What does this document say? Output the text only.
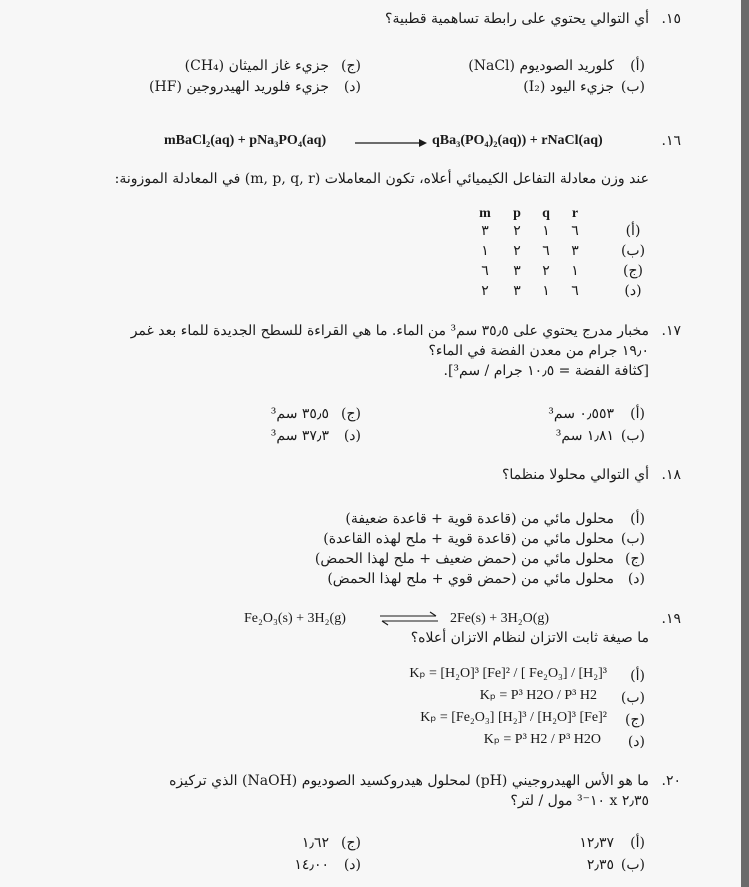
.١٥
أي التوالي يحتوي على رابطة تساهمية قطبية؟
(أ)
كلوريد الصوديوم (NaCl)
(ب)
جزيء اليود (I₂)
(ج)
جزيء غاز الميثان (CH₄)
(د)
جزيء فلوريد الهيدروجين (HF)
.١٦
mBaCl₂(aq) + pNa₃PO₄(aq)	qBa₃(PO₄)₂(aq)) + rNaCl(aq)
عند وزن معادلة التفاعل الكيميائي أعلاه، تكون المعاملات (m, p, q, r) في المعادلة الموزونة:
m	p	q	r
٣	٢	١	٦	(أ)
١	٢	٦	٣	(ب)
٦	٣	٢	١	(ج)
٢	٣	١	٦	(د)
.١٧
مخبار مدرج يحتوي على ٣٥٫٥ سم³ من الماء. ما هي القراءة للسطح الجديدة للماء بعد غمر
١٩٫٠ جرام من معدن الفضة في الماء؟
[كثافة الفضة = ١٠٫٥ جرام / سم³].
(أ)
٠٫٥٥٣ سم³
(ب)
١٫٨١ سم³
(ج)
٣٥٫٥ سم³
(د)
٣٧٫٣ سم³
.١٨
أي التوالي محلولا منظما؟
(أ)
محلول مائي من (قاعدة قوية + قاعدة ضعيفة)
(ب)
محلول مائي من (قاعدة قوية + ملح لهذه القاعدة)
(ج)
محلول مائي من (حمض ضعيف + ملح لهذا الحمض)
(د)
محلول مائي من (حمض قوي + ملح لهذا الحمض)
.١٩
Fe₂O₃(s) + 3H₂(g)	2Fe(s) + 3H₂O(g)
ما صيغة ثابت الاتزان لنظام الاتزان أعلاه؟
(أ)
Kₚ = [H₂O]³ [Fe]² / [ Fe₂O₃] / [H₂]³
(ب)
Kₚ = P³ H2O / P³ H2
(ج)
Kₚ = [Fe₂O₃] [H₂]³ / [H₂O]³ [Fe]²
(د)
Kₚ = P³ H2 / P³ H2O
.٢٠
ما هو الأس الهيدروجيني (pH) لمحلول هيدروكسيد الصوديوم (NaOH) الذي تركيزه
٢٫٣٥ x ١٠⁻³ مول / لتر؟
(أ)
١٢٫٣٧
(ب)
٢٫٣٥
(ج)
١٫٦٢
(د)
١٤٫٠٠
